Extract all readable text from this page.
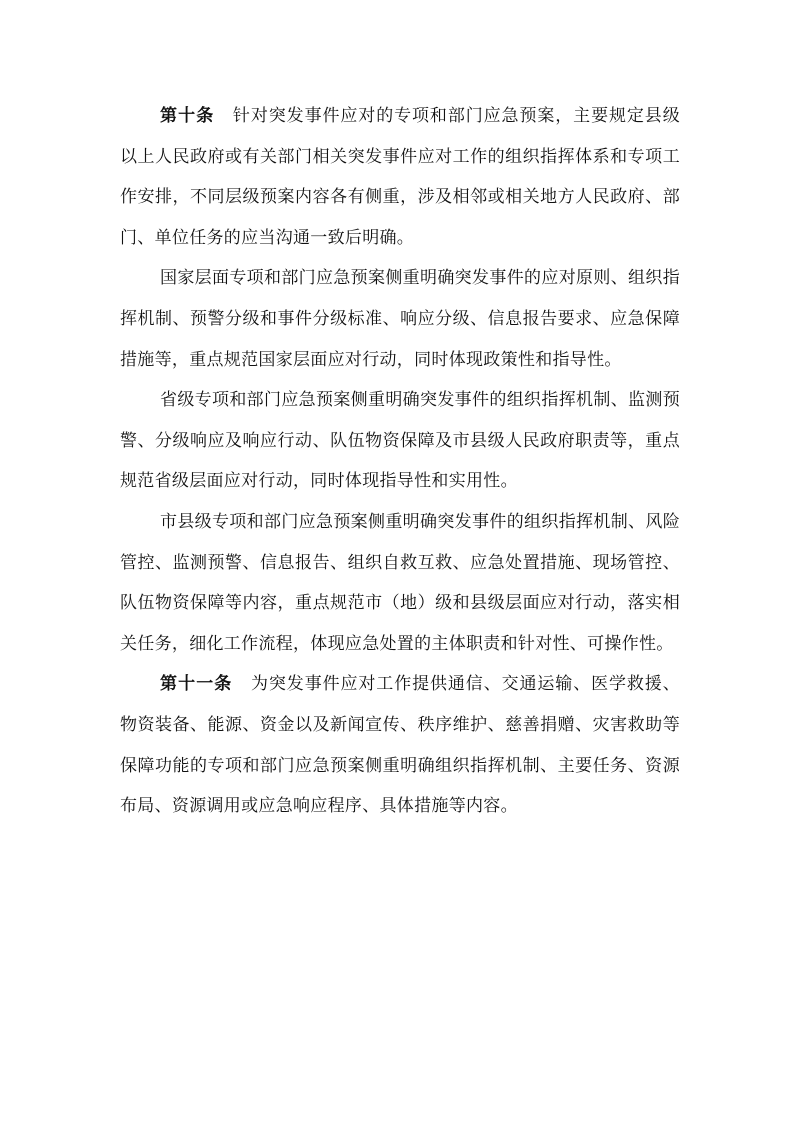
第十条 针对突发事件应对的专项和部门应急预案，主要规定县级以上人民政府或有关部门相关突发事件应对工作的组织指挥体系和专项工作安排，不同层级预案内容各有侧重，涉及相邻或相关地方人民政府、部门、单位任务的应当沟通一致后明确。

国家层面专项和部门应急预案侧重明确突发事件的应对原则、组织指挥机制、预警分级和事件分级标准、响应分级、信息报告要求、应急保障措施等，重点规范国家层面应对行动，同时体现政策性和指导性。

省级专项和部门应急预案侧重明确突发事件的组织指挥机制、监测预警、分级响应及响应行动、队伍物资保障及市县级人民政府职责等，重点规范省级层面应对行动，同时体现指导性和实用性。

市县级专项和部门应急预案侧重明确突发事件的组织指挥机制、风险管控、监测预警、信息报告、组织自救互救、应急处置措施、现场管控、队伍物资保障等内容，重点规范市（地）级和县级层面应对行动，落实相关任务，细化工作流程，体现应急处置的主体职责和针对性、可操作性。

第十一条 为突发事件应对工作提供通信、交通运输、医学救援、物资装备、能源、资金以及新闻宣传、秩序维护、慈善捐赠、灾害救助等保障功能的专项和部门应急预案侧重明确组织指挥机制、主要任务、资源布局、资源调用或应急响应程序、具体措施等内容。
